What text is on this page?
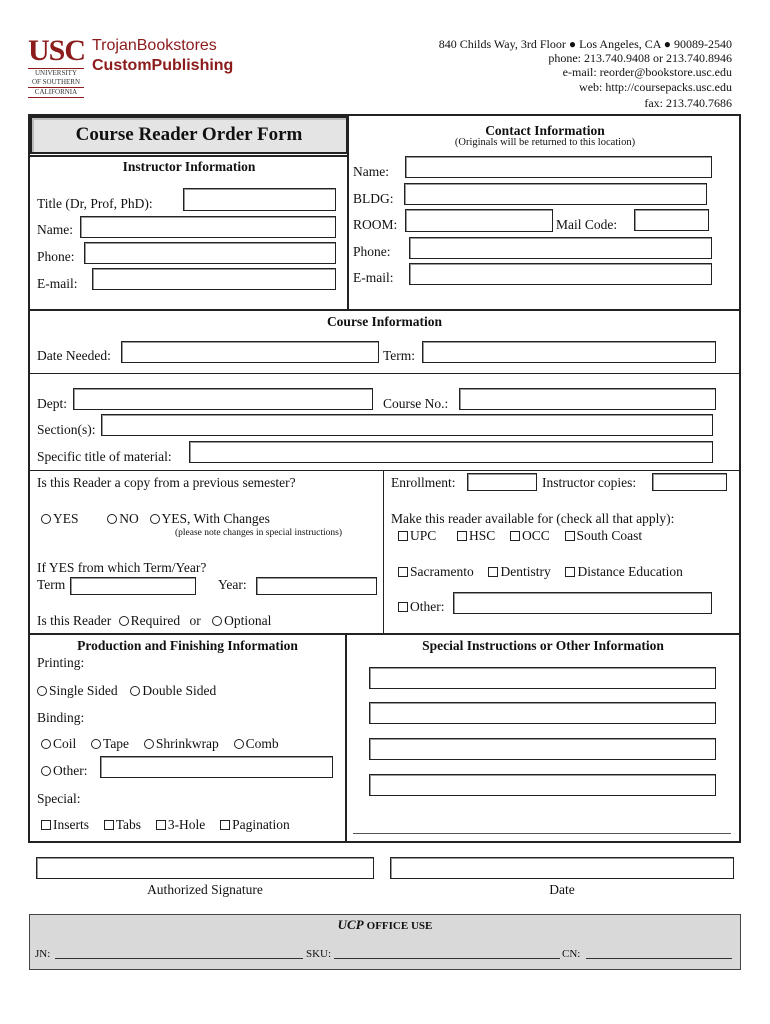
USC
UNIVERSITY
OF SOUTHERN
CALIFORNIA
TrojanBookstores
CustomPublishing
840 Childs Way, 3rd Floor ● Los Angeles, CA ● 90089-2540
phone: 213.740.9408 or 213.740.8946
e-mail: reorder@bookstore.usc.edu
web: http://coursepacks.usc.edu
fax: 213.740.7686
Course Reader Order Form
Instructor Information
Title (Dr, Prof, PhD):
Name:
Phone:
E-mail:
Contact Information
(Originals will be returned to this location)
Name:
BLDG:
ROOM:	Mail Code:
Phone:
E-mail:
Course Information
Date Needed:	Term:
Dept:	Course No.:
Section(s):
Specific title of material:
Is this Reader a copy from a previous semester?
YES	NO YES, With Changes
(please note changes in special instructions)
If YES from which Term/Year?
Term	Year:
Is this Reader Required or Optional
Enrollment:	Instructor copies:
Make this reader available for (check all that apply):
UPC HSC OCC South Coast
Sacramento Dentistry Distance Education
Other:
Production and Finishing Information
Printing:
Single Sided Double Sided
Binding:
Coil Tape Shrinkwrap Comb
Other:
Special:
Inserts Tabs 3-Hole Pagination
Special Instructions or Other Information
Authorized Signature	Date
UCP OFFICE USE
JN:	SKU:	CN:
